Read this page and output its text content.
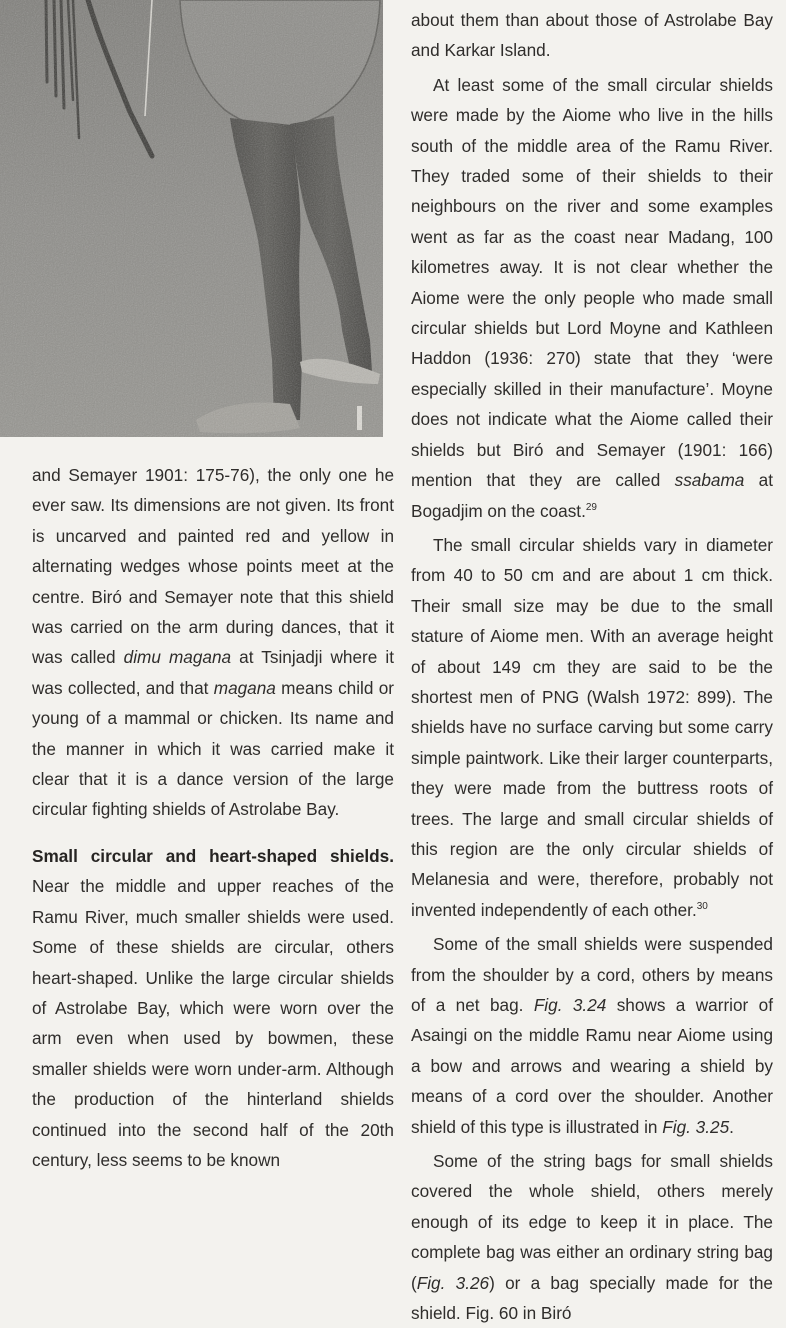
and Semayer 1901: 175-76), the only one he ever saw. Its dimensions are not given. Its front is uncarved and painted red and yellow in alternating wedges whose points meet at the centre. Biró and Semayer note that this shield was carried on the arm during dances, that it was called dimu magana at Tsinjadji where it was collected, and that magana means child or young of a mammal or chicken. Its name and the manner in which it was carried make it clear that it is a dance version of the large circular fighting shields of Astrolabe Bay.

Small circular and heart-shaped shields. Near the middle and upper reaches of the Ramu River, much smaller shields were used. Some of these shields are circular, others heart-shaped. Unlike the large circular shields of Astrolabe Bay, which were worn over the arm even when used by bowmen, these smaller shields were worn under-arm. Although the production of the hinterland shields continued into the second half of the 20th century, less seems to be known

about them than about those of Astrolabe Bay and Karkar Island.

At least some of the small circular shields were made by the Aiome who live in the hills south of the middle area of the Ramu River. They traded some of their shields to their neighbours on the river and some examples went as far as the coast near Madang, 100 kilometres away. It is not clear whether the Aiome were the only people who made small circular shields but Lord Moyne and Kathleen Haddon (1936: 270) state that they ‘were especially skilled in their manufacture’. Moyne does not indicate what the Aiome called their shields but Biró and Semayer (1901: 166) mention that they are called ssabama at Bogadjim on the coast.$^{29}$

The small circular shields vary in diameter from 40 to 50 cm and are about 1 cm thick. Their small size may be due to the small stature of Aiome men. With an average height of about 149 cm they are said to be the shortest men of PNG (Walsh 1972: 899). The shields have no surface carving but some carry simple paintwork. Like their larger counterparts, they were made from the buttress roots of trees. The large and small circular shields of this region are the only circular shields of Melanesia and were, therefore, probably not invented independently of each other.$^{30}$

Some of the small shields were suspended from the shoulder by a cord, others by means of a net bag. Fig. 3.24 shows a warrior of Asaingi on the middle Ramu near Aiome using a bow and arrows and wearing a shield by means of a cord over the shoulder. Another shield of this type is illustrated in Fig. 3.25.

Some of the string bags for small shields covered the whole shield, others merely enough of its edge to keep it in place. The complete bag was either an ordinary string bag (Fig. 3.26) or a bag specially made for the shield. Fig. 60 in Biró
